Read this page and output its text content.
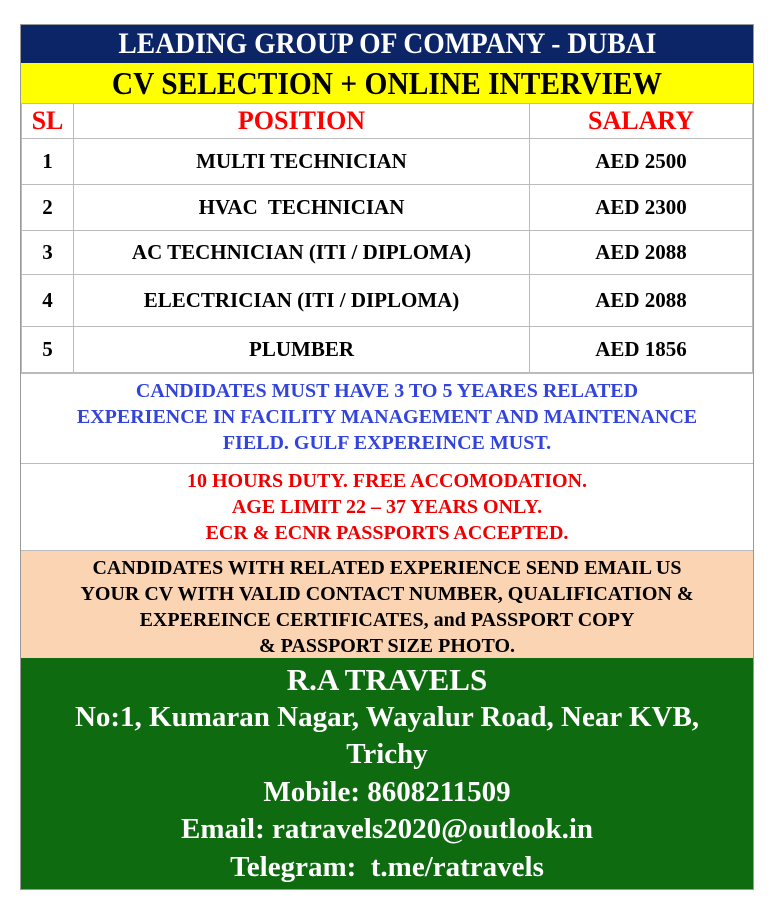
LEADING GROUP OF COMPANY - DUBAI
CV SELECTION + ONLINE INTERVIEW
SL	POSITION	SALARY
1	MULTI TECHNICIAN	AED 2500
2	HVAC  TECHNICIAN	AED 2300
3	AC TECHNICIAN (ITI / DIPLOMA)	AED 2088
4	ELECTRICIAN (ITI / DIPLOMA)	AED 2088
5	PLUMBER	AED 1856
CANDIDATES MUST HAVE 3 TO 5 YEARES RELATED
EXPERIENCE IN FACILITY MANAGEMENT AND MAINTENANCE
FIELD. GULF EXPEREINCE MUST.
10 HOURS DUTY. FREE ACCOMODATION.
AGE LIMIT 22 – 37 YEARS ONLY.
ECR & ECNR PASSPORTS ACCEPTED.
CANDIDATES WITH RELATED EXPERIENCE SEND EMAIL US
YOUR CV WITH VALID CONTACT NUMBER, QUALIFICATION &
EXPEREINCE CERTIFICATES, and PASSPORT COPY
& PASSPORT SIZE PHOTO.
R.A TRAVELS
No:1, Kumaran Nagar, Wayalur Road, Near KVB,
Trichy
Mobile: 8608211509
Email: ratravels2020@outlook.in
Telegram:  t.me/ratravels
